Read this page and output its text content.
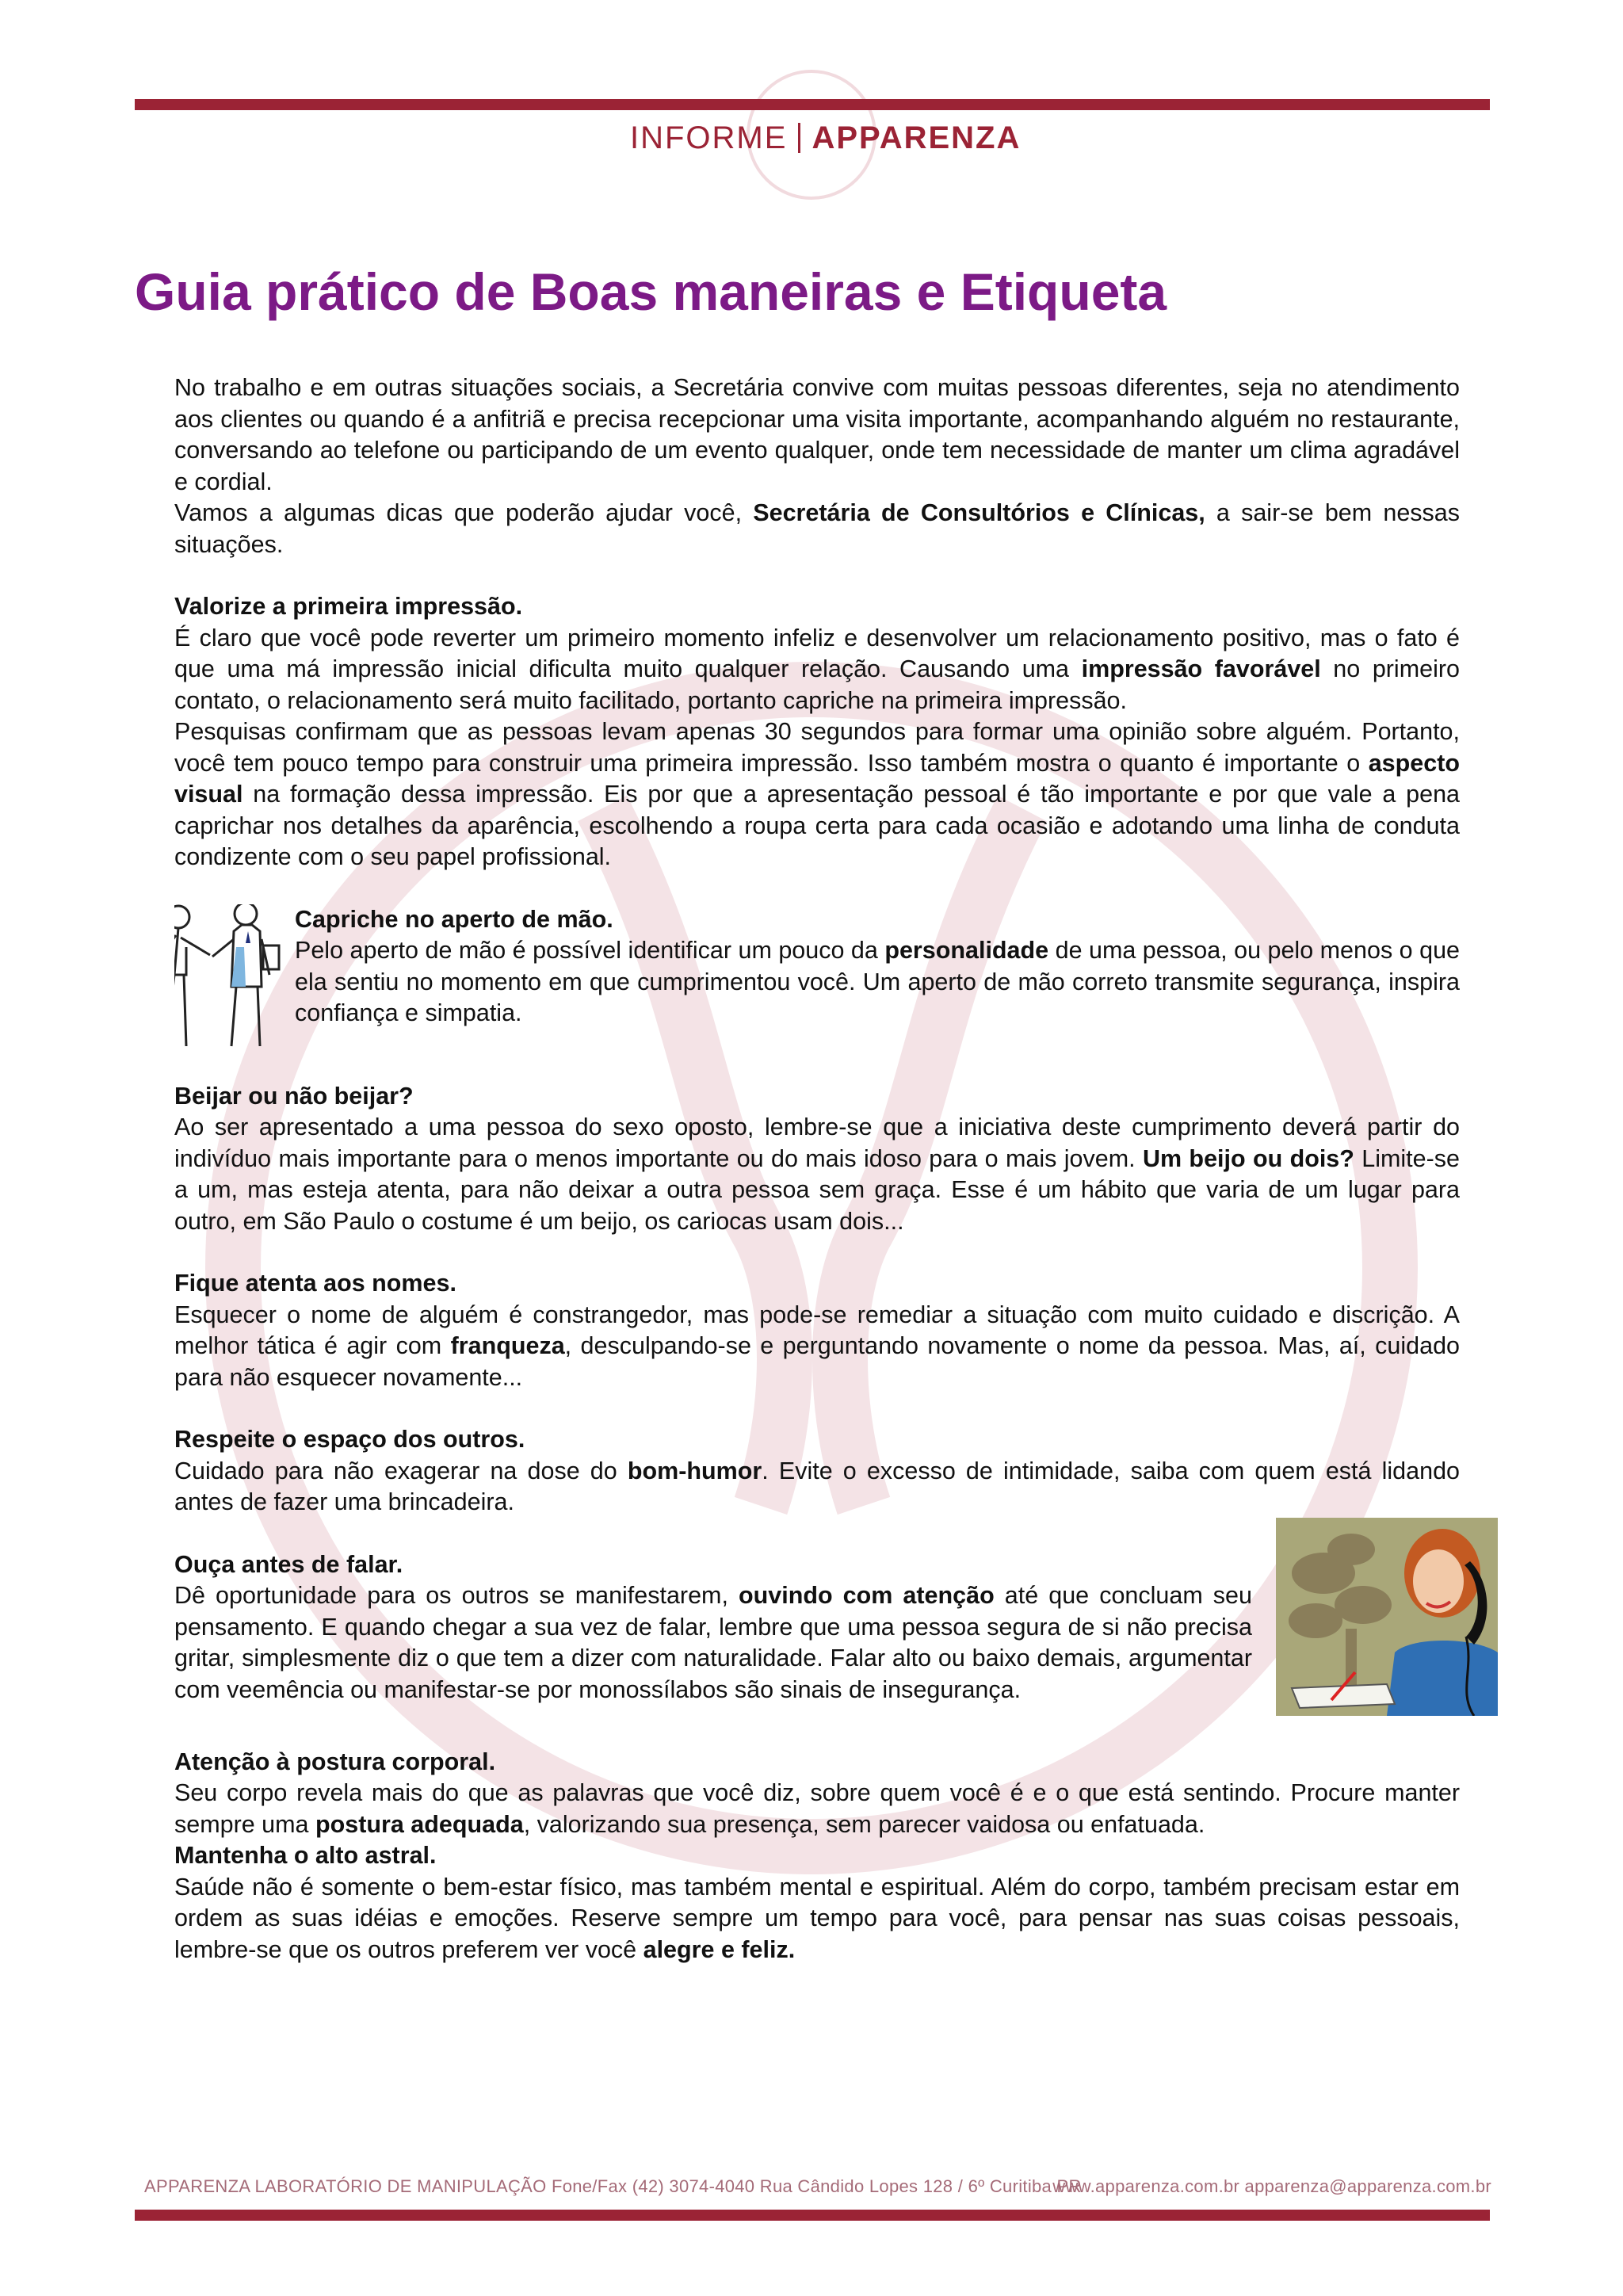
INFORME APPARENZA
Guia prático de Boas maneiras e Etiqueta

No trabalho e em outras situações sociais, a Secretária convive com muitas pessoas diferentes, seja no atendimento aos clientes ou quando é a anfitriã e precisa recepcionar uma visita importante, acompanhando alguém no restaurante, conversando ao telefone ou participando de um evento qualquer, onde tem necessidade de manter um clima agradável e cordial.

Vamos a algumas dicas que poderão ajudar você, Secretária de Consultórios e Clínicas, a sair-se bem nessas situações.

Valorize a primeira impressão.

É claro que você pode reverter um primeiro momento infeliz e desenvolver um relacionamento positivo, mas o fato é que uma má impressão inicial dificulta muito qualquer relação. Causando uma impressão favorável no primeiro contato, o relacionamento será muito facilitado, portanto capriche na primeira impressão.

Pesquisas confirmam que as pessoas levam apenas 30 segundos para formar uma opinião sobre alguém. Portanto, você tem pouco tempo para construir uma primeira impressão. Isso também mostra o quanto é importante o aspecto visual na formação dessa impressão. Eis por que a apresentação pessoal é tão importante e por que vale a pena caprichar nos detalhes da aparência, escolhendo a roupa certa para cada ocasião e adotando uma linha de conduta condizente com o seu papel profissional.

Capriche no aperto de mão.

Pelo aperto de mão é possível identificar um pouco da personalidade de uma pessoa, ou pelo menos o que ela sentiu no momento em que cumprimentou você. Um aperto de mão correto transmite segurança, inspira confiança e simpatia.

Beijar ou não beijar?

Ao ser apresentado a uma pessoa do sexo oposto, lembre-se que a iniciativa deste cumprimento deverá partir do indivíduo mais importante para o menos importante ou do mais idoso para o mais jovem. Um beijo ou dois? Limite-se a um, mas esteja atenta, para não deixar a outra pessoa sem graça. Esse é um hábito que varia de um lugar para outro, em São Paulo o costume é um beijo, os cariocas usam dois...

Fique atenta aos nomes.

Esquecer o nome de alguém é constrangedor, mas pode-se remediar a situação com muito cuidado e discrição. A melhor tática é agir com franqueza, desculpando-se e perguntando novamente o nome da pessoa. Mas, aí, cuidado para não esquecer novamente...

Respeite o espaço dos outros.

Cuidado para não exagerar na dose do bom-humor. Evite o excesso de intimidade, saiba com quem está lidando antes de fazer uma brincadeira.

Ouça antes de falar.

Dê oportunidade para os outros se manifestarem, ouvindo com atenção até que concluam seu pensamento. E quando chegar a sua vez de falar, lembre que uma pessoa segura de si não precisa gritar, simplesmente diz o que tem a dizer com naturalidade. Falar alto ou baixo demais, argumentar com veemência ou manifestar-se por monossílabos são sinais de insegurança.

Atenção à postura corporal.

Seu corpo revela mais do que as palavras que você diz, sobre quem você é e o que está sentindo. Procure manter sempre uma postura adequada, valorizando sua presença, sem parecer vaidosa ou enfatuada.

Mantenha o alto astral.

Saúde não é somente o bem-estar físico, mas também mental e espiritual. Além do corpo, também precisam estar em ordem as suas idéias e emoções. Reserve sempre um tempo para você, para pensar nas suas coisas pessoais, lembre-se que os outros preferem ver você alegre e feliz.

APPARENZA LABORATÓRIO DE MANIPULAÇÃO Fone/Fax (42) 3074-4040 Rua Cândido Lopes 128 / 6º Curitiba PR
www.apparenza.com.br apparenza@apparenza.com.br
